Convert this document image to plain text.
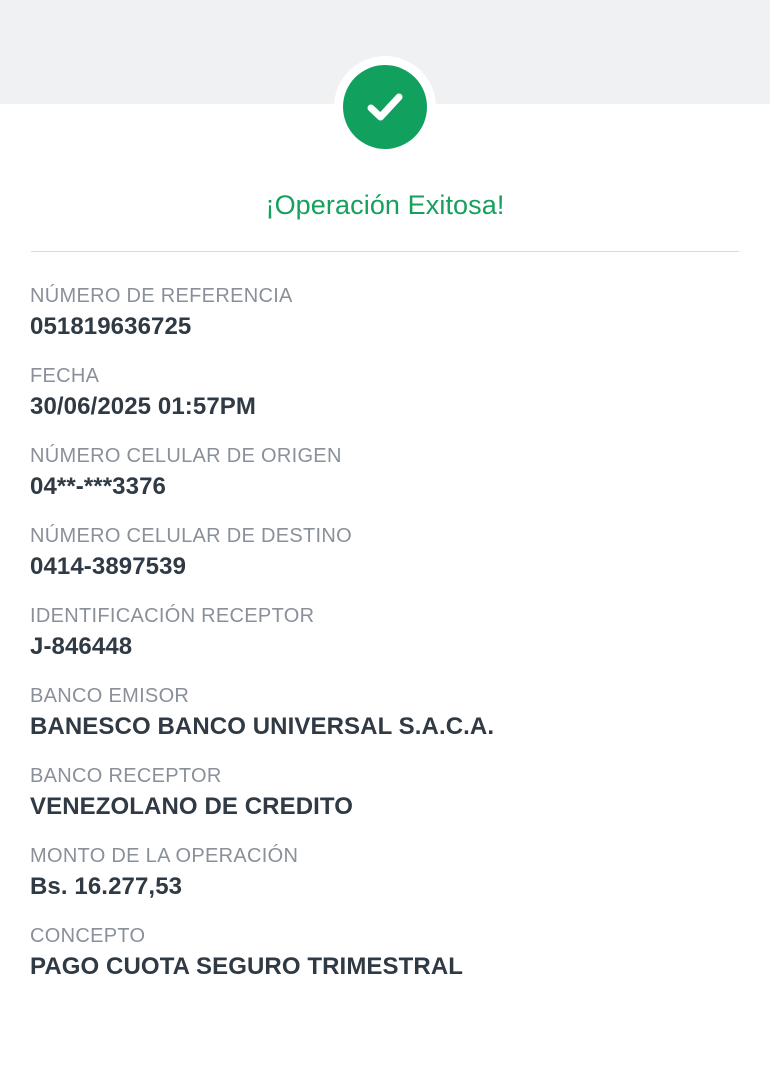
¡Operación Exitosa!
NÚMERO DE REFERENCIA
051819636725
FECHA
30/06/2025 01:57PM
NÚMERO CELULAR DE ORIGEN
04**-***3376
NÚMERO CELULAR DE DESTINO
0414-3897539
IDENTIFICACIÓN RECEPTOR
J-846448
BANCO EMISOR
BANESCO BANCO UNIVERSAL S.A.C.A.
BANCO RECEPTOR
VENEZOLANO DE CREDITO
MONTO DE LA OPERACIÓN
Bs. 16.277,53
CONCEPTO
PAGO CUOTA SEGURO TRIMESTRAL
